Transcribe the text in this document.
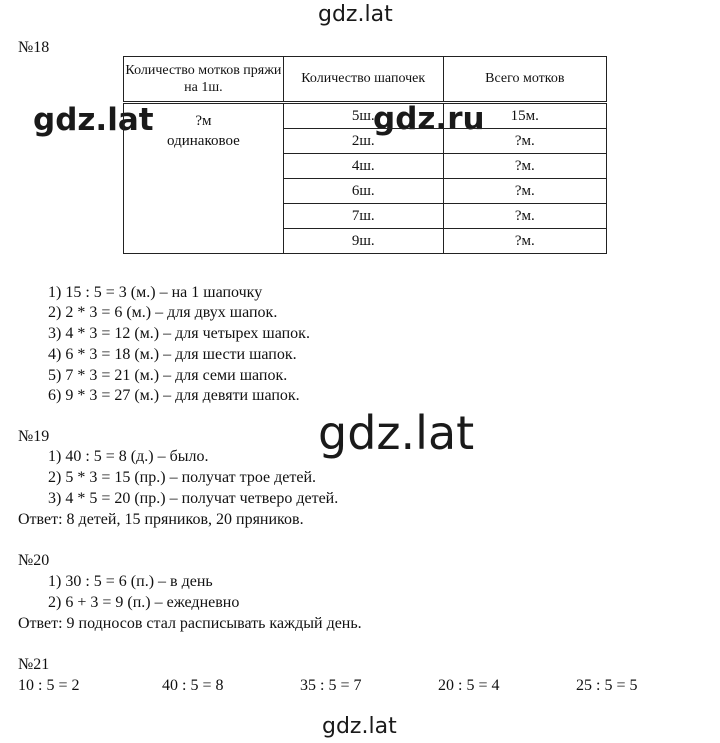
gdz.lat
gdz.lat	gdz.ru
gdz.lat
gdz.lat
№18
Количество мотков пряжи на 1ш.	Количество шапочек	Всего мотков

?м
одинаковое	5ш.	15м.
	2ш.	?м.
	4ш.	?м.
	6ш.	?м.
	7ш.	?м.
	9ш.	?м.
1) 15 : 5 = 3 (м.) – на 1 шапочку
2) 2 * 3 = 6 (м.) – для двух шапок.
3) 4 * 3 = 12 (м.) – для четырех шапок.
4) 6 * 3 = 18 (м.) – для шести шапок.
5) 7 * 3 = 21 (м.) – для семи шапок.
6) 9 * 3 = 27 (м.) – для девяти шапок.
№19
1) 40 : 5 = 8 (д.) – было.
2) 5 * 3 = 15 (пр.) – получат трое детей.
3) 4 * 5 = 20 (пр.) – получат четверо детей.
Ответ: 8 детей, 15 пряников, 20 пряников.
№20
1) 30 : 5 = 6 (п.) – в день
2) 6 + 3 = 9 (п.) – ежедневно
Ответ: 9 подносов стал расписывать каждый день.
№21
10 : 5 = 2	40 : 5 = 8	35 : 5 = 7	20 : 5 = 4	25 : 5 = 5
